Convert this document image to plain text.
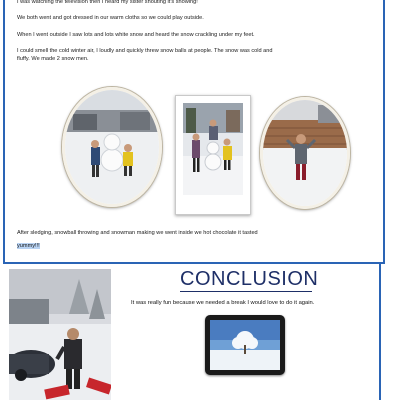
I was watching the television then I heard my sister shouting it's snowing!
We both went and got dressed in our warm cloths so we could play outside.
When I went outside I saw lots and lots white snow and heard the snow crackling under my feet.
I could smell the cold winter air, I loudly and quickly threw snow balls at people. The snow was cold and
fluffy. We made 2 snow men.
After sledging, snowball throwing and snowman making we went inside we hot chocolate it tasted
yummy!!!
CONCLUSION
It was really fun because we needed a break I would love to do it again.
